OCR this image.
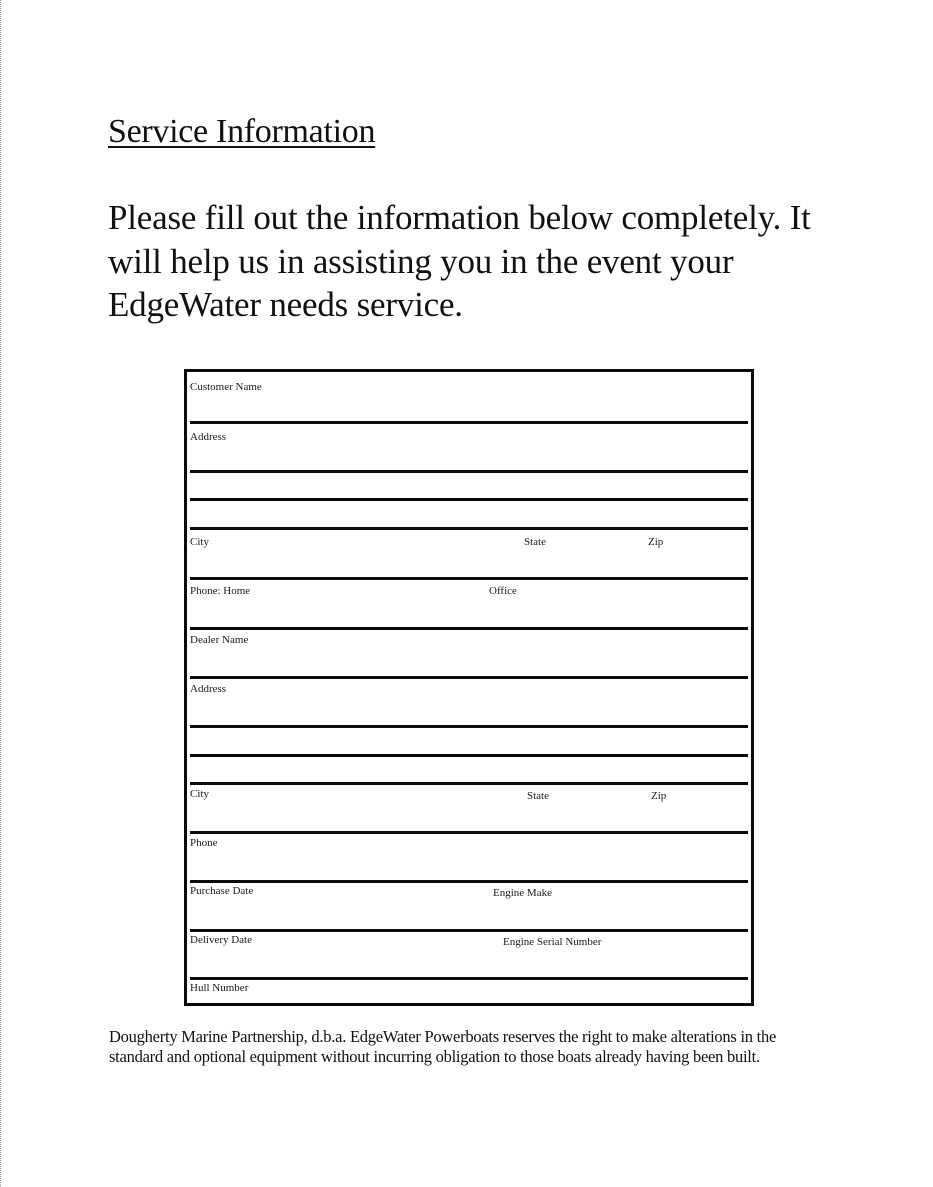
Service Information
Please fill out the information below completely. It will help us in assisting you in the event your EdgeWater needs service.
Customer Name
Address
City	State	Zip
Phone: Home	Office
Dealer Name
Address
City	State	Zip
Phone
Purchase Date	Engine Make
Delivery Date	Engine Serial Number
Hull Number
Dougherty Marine Partnership, d.b.a. EdgeWater Powerboats reserves the right to make alterations in the standard and optional equipment without incurring obligation to those boats already having been built.
